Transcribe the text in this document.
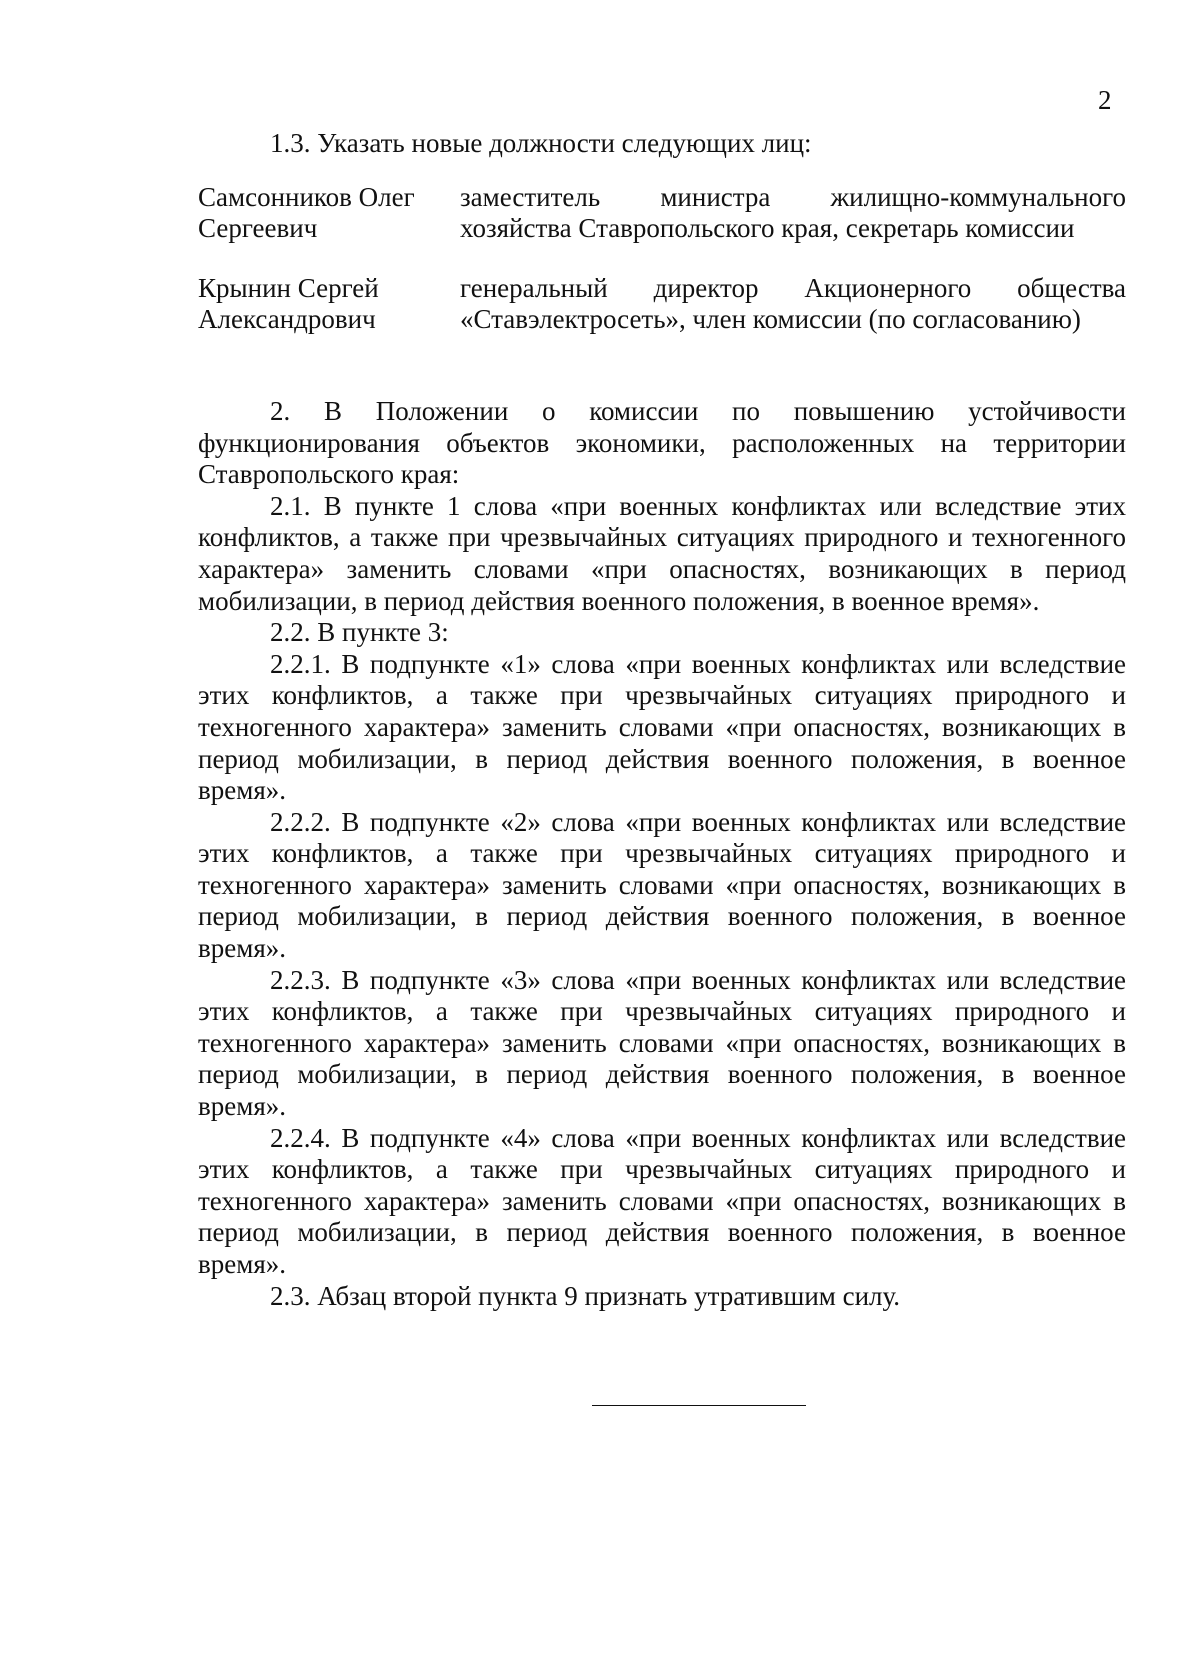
2

1.3. Указать новые должности следующих лиц:

Самсонников Олег
Сергеевич
заместитель министра жилищно-коммунального хозяйства Ставропольского края, секретарь комиссии
Крынин Сергей
Александрович
генеральный директор Акционерного общества «Ставэлектросеть», член комиссии (по согласованию)

2. В Положении о комиссии по повышению устойчивости функционирования объектов экономики, расположенных на территории Ставропольского края:

2.1. В пункте 1 слова «при военных конфликтах или вследствие этих конфликтов, а также при чрезвычайных ситуациях природного и техногенного характера» заменить словами «при опасностях, возникающих в период мобилизации, в период действия военного положения, в военное время».

2.2. В пункте 3:

2.2.1. В подпункте «1» слова «при военных конфликтах или вследствие этих конфликтов, а также при чрезвычайных ситуациях природного и техногенного характера» заменить словами «при опасностях, возникающих в период мобилизации, в период действия военного положения, в военное время».

2.2.2. В подпункте «2» слова «при военных конфликтах или вследствие этих конфликтов, а также при чрезвычайных ситуациях природного и техногенного характера» заменить словами «при опасностях, возникающих в период мобилизации, в период действия военного положения, в военное время».

2.2.3. В подпункте «3» слова «при военных конфликтах или вследствие этих конфликтов, а также при чрезвычайных ситуациях природного и техногенного характера» заменить словами «при опасностях, возникающих в период мобилизации, в период действия военного положения, в военное время».

2.2.4. В подпункте «4» слова «при военных конфликтах или вследствие этих конфликтов, а также при чрезвычайных ситуациях природного и техногенного характера» заменить словами «при опасностях, возникающих в период мобилизации, в период действия военного положения, в военное время».

2.3. Абзац второй пункта 9 признать утратившим силу.
